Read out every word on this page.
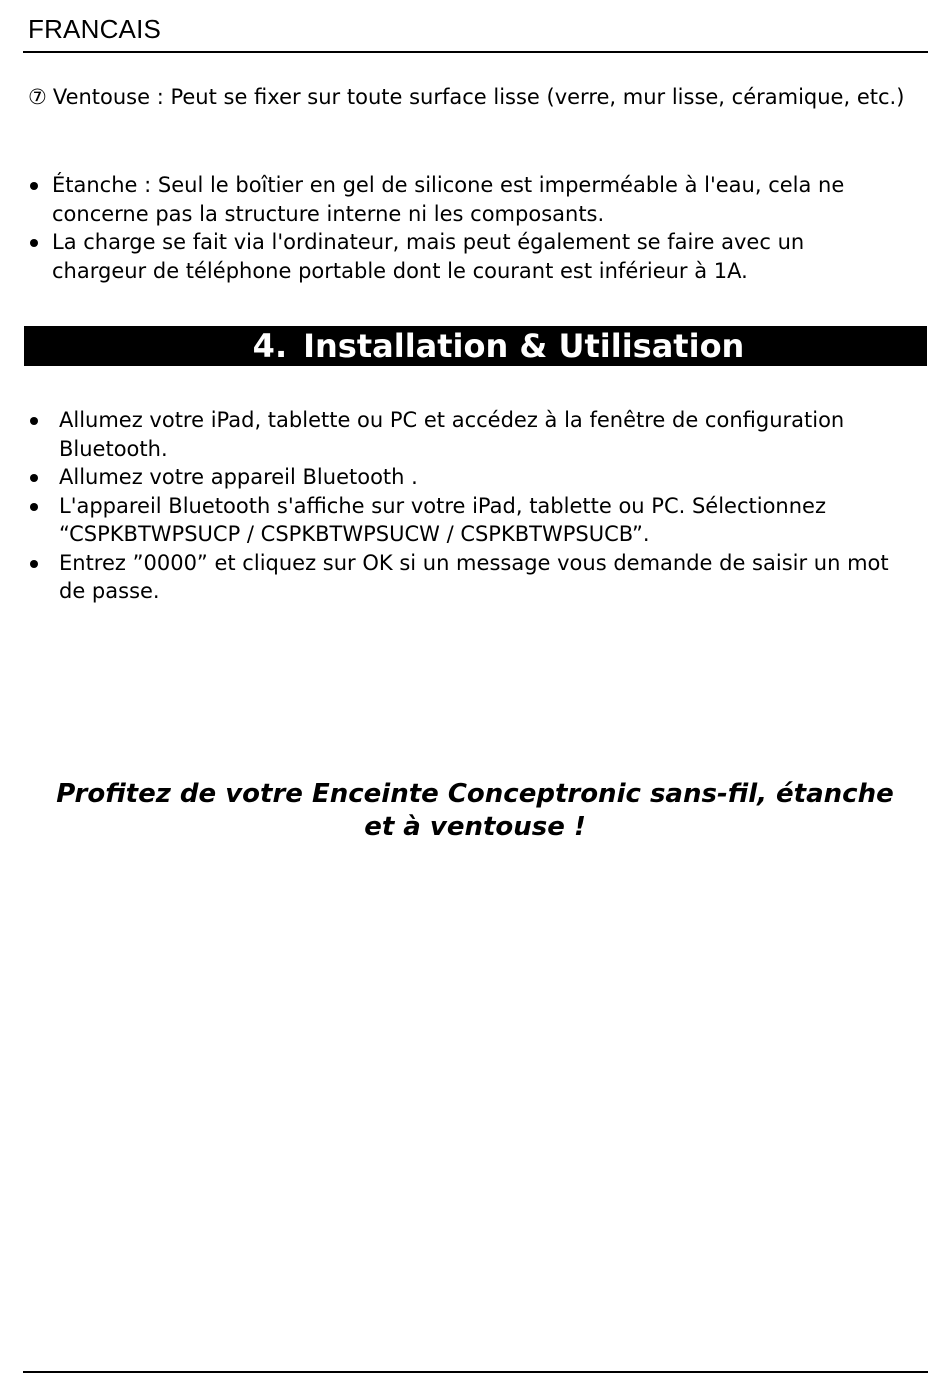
FRANCAIS

⑦ Ventouse : Peut se fixer sur toute surface lisse (verre, mur lisse, céramique, etc.)

Étanche : Seul le boîtier en gel de silicone est imperméable à l'eau, cela ne concerne pas la structure interne ni les composants.
La charge se fait via l'ordinateur, mais peut également se faire avec un chargeur de téléphone portable dont le courant est inférieur à 1A.
4. Installation & Utilisation
Allumez votre iPad, tablette ou PC et accédez à la fenêtre de configuration Bluetooth.
Allumez votre appareil Bluetooth .
L'appareil Bluetooth s'affiche sur votre iPad, tablette ou PC. Sélectionnez “CSPKBTWPSUCP / CSPKBTWPSUCW / CSPKBTWPSUCB”.
Entrez ”0000” et cliquez sur OK si un message vous demande de saisir un mot de passe.

Profitez de votre Enceinte Conceptronic sans-fil, étanche et à ventouse !
